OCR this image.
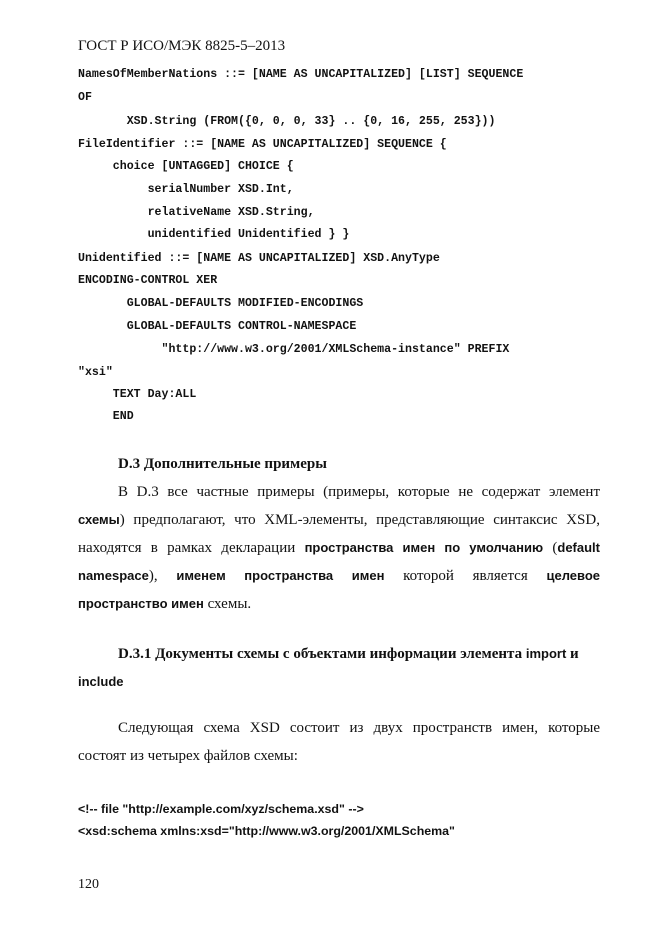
ГОСТ Р ИСО/МЭК 8825-5–2013
NamesOfMemberNations ::= [NAME AS UNCAPITALIZED] [LIST] SEQUENCE
OF
XSD.String (FROM({0, 0, 0, 33} .. {0, 16, 255, 253}))
FileIdentifier ::= [NAME AS UNCAPITALIZED] SEQUENCE {
choice [UNTAGGED] CHOICE {
serialNumber XSD.Int,
relativeName XSD.String,
unidentified Unidentified } }
Unidentified ::= [NAME AS UNCAPITALIZED] XSD.AnyType
ENCODING-CONTROL XER
GLOBAL-DEFAULTS MODIFIED-ENCODINGS
GLOBAL-DEFAULTS CONTROL-NAMESPACE
"http://www.w3.org/2001/XMLSchema-instance" PREFIX
"xsi"
TEXT Day:ALL
END
D.3 Дополнительные примеры

В D.3 все частные примеры (примеры, которые не содержат элемент схемы) предполагают, что XML-элементы, представляющие синтаксис XSD, находятся в рамках декларации пространства имен по умолчанию (default namespace), именем пространства имен которой является целевое пространство имен схемы.

D.3.1 Документы схемы с объектами информации элемента import и
include

Следующая схема XSD состоит из двух пространств имен, которые состоят из четырех файлов схемы:

<!-- file "http://example.com/xyz/schema.xsd" -->
<xsd:schema xmlns:xsd="http://www.w3.org/2001/XMLSchema"
120
